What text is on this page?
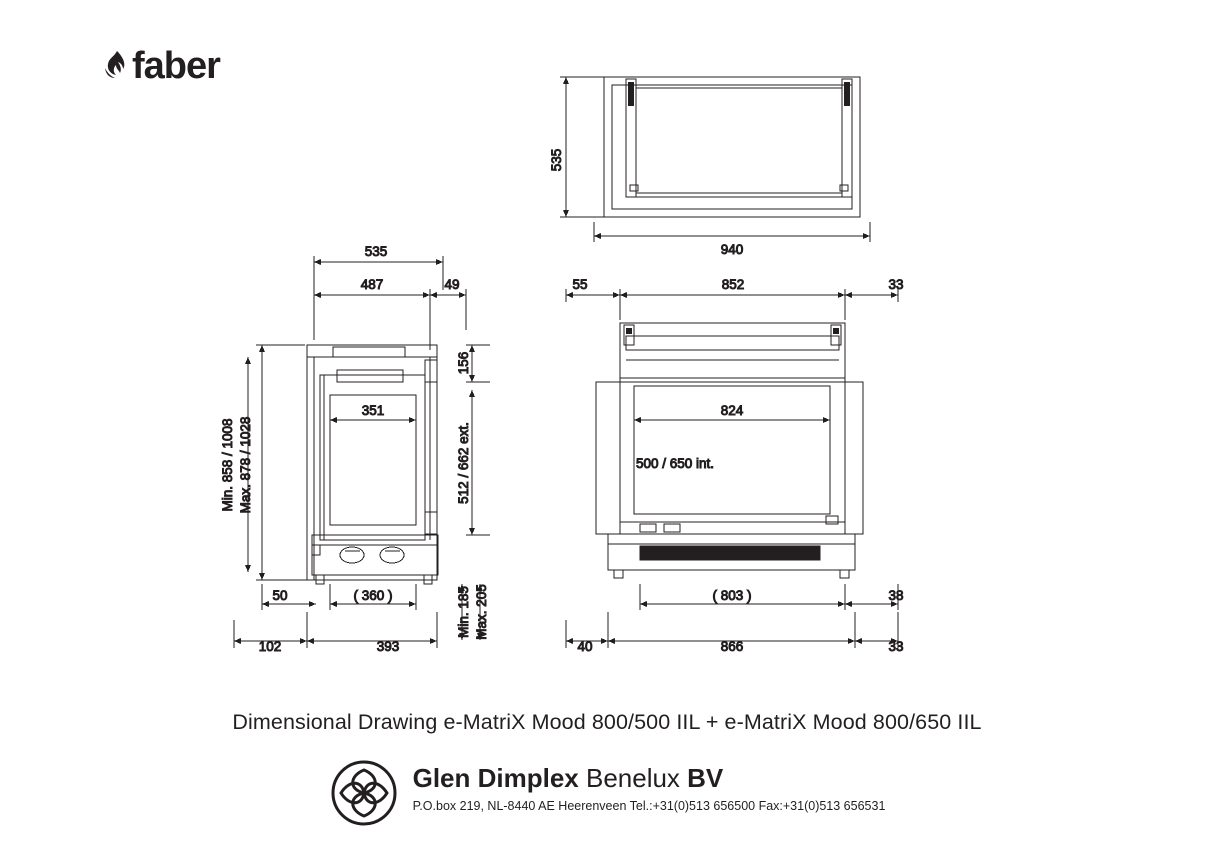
faber
535
940
535
487	49
Min. 858 / 1008 Max. 878 / 1028
351
156
512 / 662 ext.
( 360 )
50	Min. 185 Max. 205
102	393
55	852	33
824
500 / 650 int.
( 803 )	38
40	866	33
Dimensional Drawing e-MatriX Mood 800/500 IIL + e-MatriX Mood 800/650 IIL
Glen Dimplex Benelux BV
P.O.box 219, NL-8440 AE Heerenveen Tel.:+31(0)513 656500 Fax:+31(0)513 656531
